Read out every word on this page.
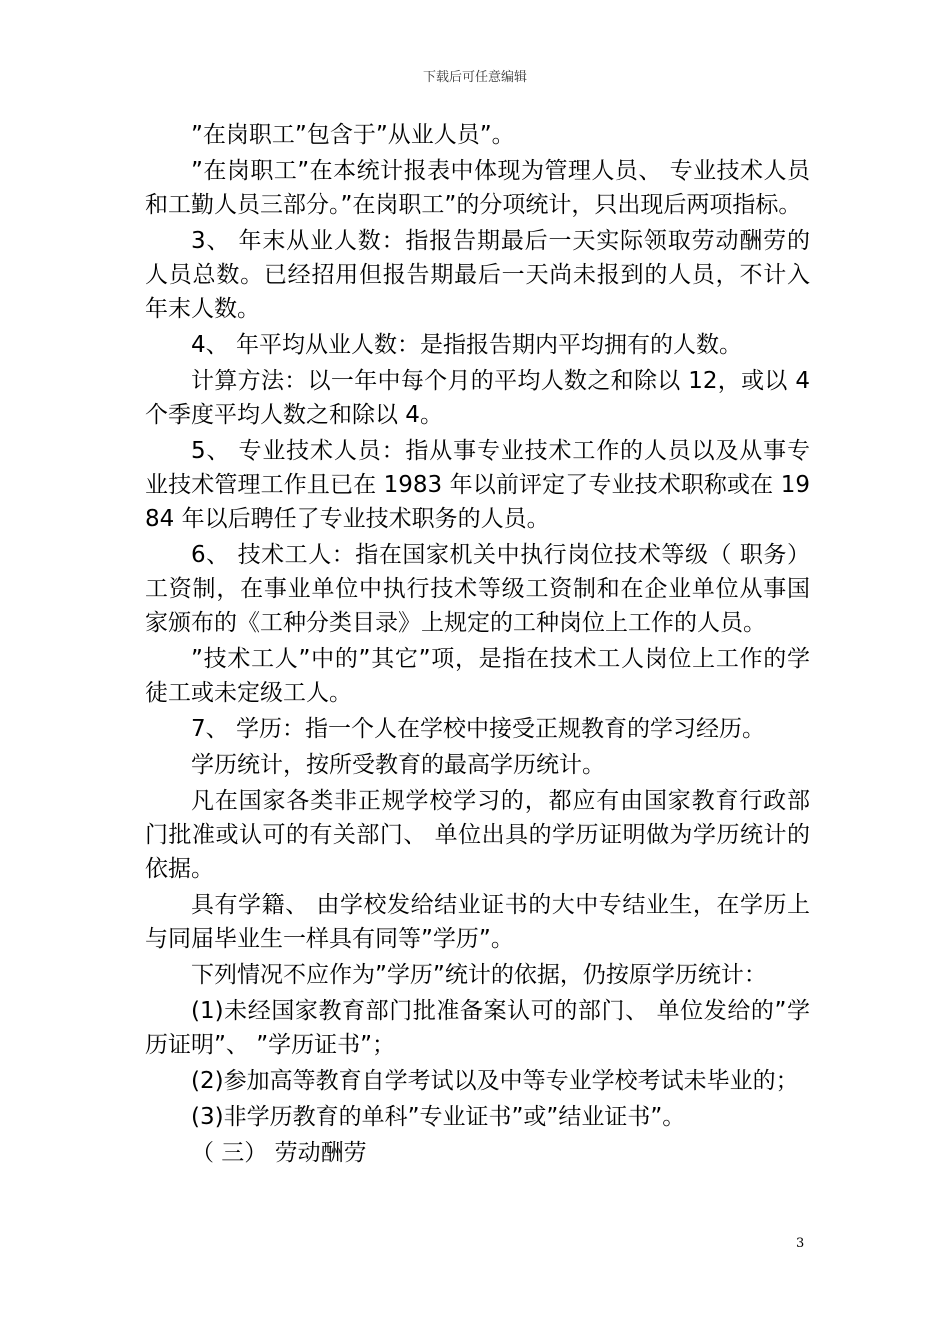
下载后可任意编辑

”在岗职工”包含于”从业人员”。

”在岗职工”在本统计报表中体现为管理人员、 专业技术人员和工勤人员三部分。”在岗职工”的分项统计，只出现后两项指标。

3、 年末从业人数：指报告期最后一天实际领取劳动酬劳的人员总数。已经招用但报告期最后一天尚未报到的人员，不计入年末人数。

4、 年平均从业人数：是指报告期内平均拥有的人数。

计算方法：以一年中每个月的平均人数之和除以 12，或以 4 个季度平均人数之和除以 4。

5、 专业技术人员：指从事专业技术工作的人员以及从事专业技术管理工作且已在 1983 年以前评定了专业技术职称或在 1984 年以后聘任了专业技术职务的人员。

6、 技术工人：指在国家机关中执行岗位技术等级（ 职务）工资制，在事业单位中执行技术等级工资制和在企业单位从事国家颁布的《工种分类目录》上规定的工种岗位上工作的人员。

”技术工人”中的”其它”项，是指在技术工人岗位上工作的学徒工或未定级工人。

7、 学历：指一个人在学校中接受正规教育的学习经历。

学历统计，按所受教育的最高学历统计。

凡在国家各类非正规学校学习的，都应有由国家教育行政部门批准或认可的有关部门、 单位出具的学历证明做为学历统计的依据。

具有学籍、 由学校发给结业证书的大中专结业生，在学历上与同届毕业生一样具有同等”学历”。

下列情况不应作为”学历”统计的依据，仍按原学历统计：

(1)未经国家教育部门批准备案认可的部门、 单位发给的”学历证明”、 ”学历证书”；

(2)参加高等教育自学考试以及中等专业学校考试未毕业的；

(3)非学历教育的单科”专业证书”或”结业证书”。

（ 三） 劳动酬劳

3
